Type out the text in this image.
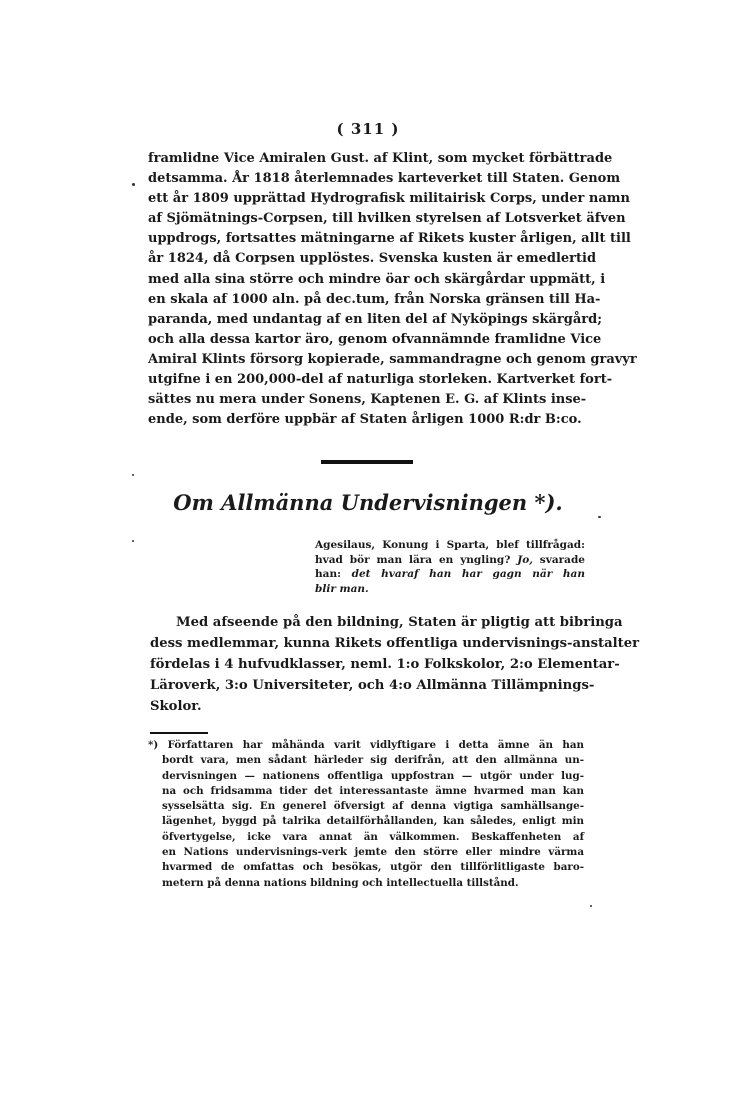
( 311 )
framlidne Vice Amiralen Gust. af Klint, som mycket förbättrade
detsamma. År 1818 återlemnades karteverket till Staten. Genom
ett år 1809 upprättad Hydrografisk militairisk Corps, under namn
af Sjömätnings-Corpsen, till hvilken styrelsen af Lotsverket äfven
uppdrogs, fortsattes mätningarne af Rikets kuster årligen, allt till
år 1824, då Corpsen upplöstes. Svenska kusten är emedlertid
med alla sina större och mindre öar och skärgårdar uppmätt, i
en skala af 1000 aln. på dec.tum, från Norska gränsen till Ha-
paranda, med undantag af en liten del af Nyköpings skärgård;
och alla dessa kartor äro, genom ofvannämnde framlidne Vice
Amiral Klints försorg kopierade, sammandragne och genom gravyr
utgifne i en 200,000-del af naturliga storleken. Kartverket fort-
sättes nu mera under Sonens, Kaptenen E. G. af Klints inse-
ende, som derföre uppbär af Staten årligen 1000 R:dr B:co.
Om Allmänna Undervisningen *).
Agesilaus, Konung i Sparta, blef tillfrågad:
hvad bör man lära en yngling? Jo, svarade
han: det hvaraf han har gagn när han
blir man.
Med afseende på den bildning, Staten är pligtig att bibringa
dess medlemmar, kunna Rikets offentliga undervisnings-anstalter
fördelas i 4 hufvudklasser, neml. 1:o Folkskolor, 2:o Elementar-
Läroverk, 3:o Universiteter, och 4:o Allmänna Tillämpnings-
Skolor.
*) Författaren har måhända varit vidlyftigare i detta ämne än han
bordt vara, men sådant härleder sig derifrån, att den allmänna un-
dervisningen — nationens offentliga uppfostran — utgör under lug-
na och fridsamma tider det interessantaste ämne hvarmed man kan
sysselsätta sig. En generel öfversigt af denna vigtiga samhällsange-
lägenhet, byggd på talrika detailförhållanden, kan således, enligt min
öfvertygelse, icke vara annat än välkommen. Beskaffenheten af
en Nations undervisnings-verk jemte den större eller mindre värma
hvarmed de omfattas och besökas, utgör den tillförlitligaste baro-
metern på denna nations bildning och intellectuella tillstånd.
